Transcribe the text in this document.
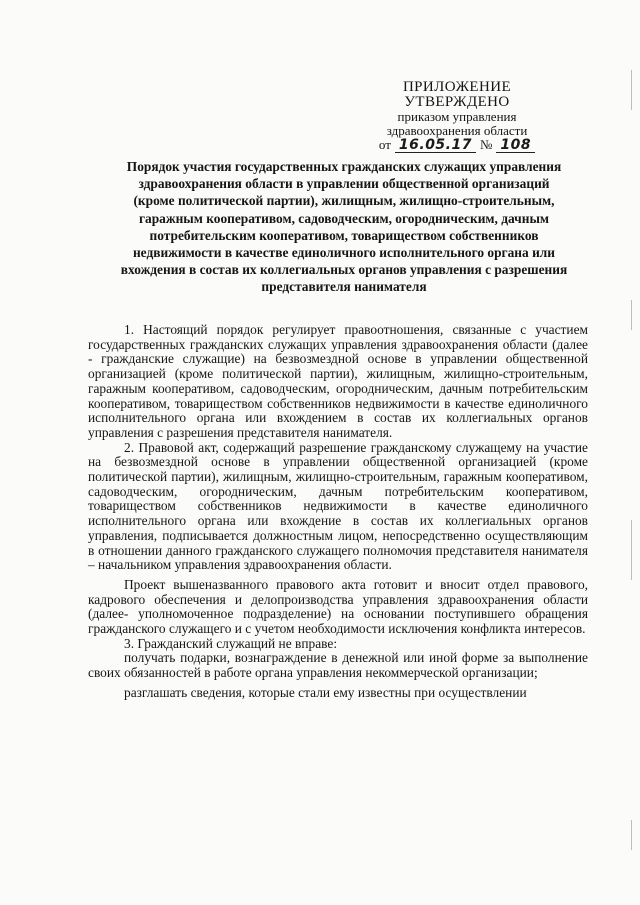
ПРИЛОЖЕНИЕ
УТВЕРЖДЕНО
приказом управления
здравоохранения области
от 16.05.17 № 108
Порядок участия государственных гражданских служащих управления
здравоохранения области в управлении общественной организаций
(кроме политической партии), жилищным, жилищно-строительным,
гаражным кооперативом, садоводческим, огородническим, дачным
потребительским кооперативом, товариществом собственников
недвижимости в качестве единоличного исполнительного органа или
вхождения в состав их коллегиальных органов управления с разрешения
представителя нанимателя

1. Настоящий порядок регулирует правоотношения, связанные с участием государственных гражданских служащих управления здравоохранения области (далее - гражданские служащие) на безвозмездной основе в управлении общественной организацией (кроме политической партии), жилищным, жилищно-строительным, гаражным кооперативом, садоводческим, огородническим, дачным потребительским кооперативом, товариществом собственников недвижимости в качестве единоличного исполнительного органа или вхождением в состав их коллегиальных органов управления с разрешения представителя нанимателя.

2. Правовой акт, содержащий разрешение гражданскому служащему на участие на безвозмездной основе в управлении общественной организацией (кроме политической партии), жилищным, жилищно-строительным, гаражным кооперативом, садоводческим, огородническим, дачным потребительским кооперативом, товариществом собственников недвижимости в качестве единоличного исполнительного органа или вхождение в состав их коллегиальных органов управления, подписывается должностным лицом, непосредственно осуществляющим в отношении данного гражданского служащего полномочия представителя нанимателя – начальником управления здравоохранения области.

Проект вышеназванного правового акта готовит и вносит отдел правового, кадрового обеспечения и делопроизводства управления здравоохранения области (далее- уполномоченное подразделение) на основании поступившего обращения гражданского служащего и с учетом необходимости исключения конфликта интересов.

3. Гражданский служащий не вправе:

получать подарки, вознаграждение в денежной или иной форме за выполнение своих обязанностей в работе органа управления некоммерческой организации;

разглашать сведения, которые стали ему известны при осуществлении
